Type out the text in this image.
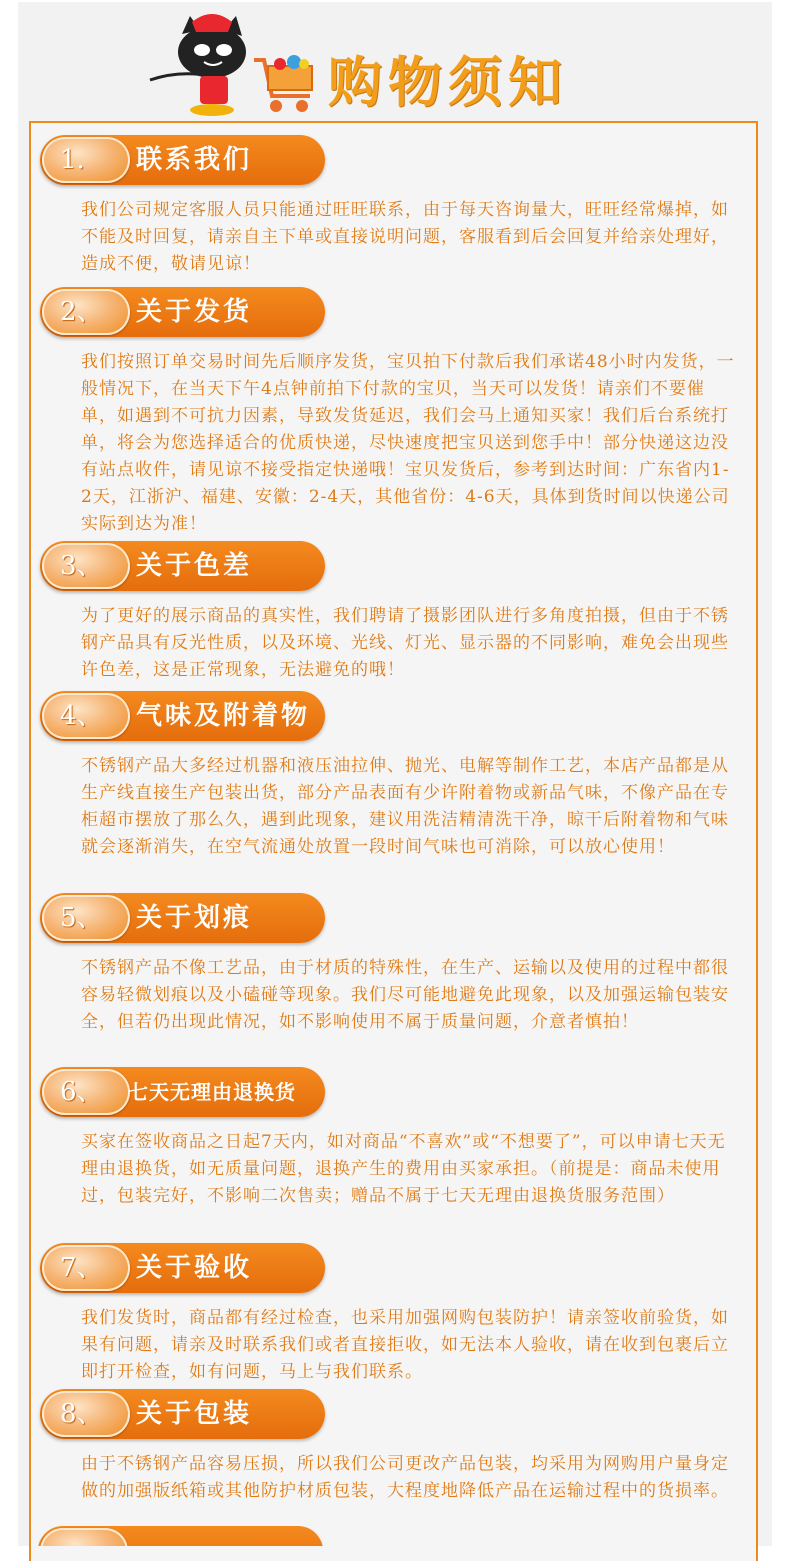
购物须知
1.	联系我们
我们公司规定客服人员只能通过旺旺联系，由于每天咨询量大，旺旺经常爆掉，如不能及时回复，请亲自主下单或直接说明问题，客服看到后会回复并给亲处理好，造成不便，敬请见谅！
2、	关于发货
我们按照订单交易时间先后顺序发货，宝贝拍下付款后我们承诺48小时内发货，一般情况下，在当天下午4点钟前拍下付款的宝贝，当天可以发货！请亲们不要催单，如遇到不可抗力因素，导致发货延迟，我们会马上通知买家！我们后台系统打单，将会为您选择适合的优质快递，尽快速度把宝贝送到您手中！部分快递这边没有站点收件，请见谅不接受指定快递哦！宝贝发货后，参考到达时间：广东省内1-2天，江浙沪、福建、安徽：2-4天，其他省份：4-6天，具体到货时间以快递公司实际到达为准！
3、	关于色差
为了更好的展示商品的真实性，我们聘请了摄影团队进行多角度拍摄，但由于不锈钢产品具有反光性质，以及环境、光线、灯光、显示器的不同影响，难免会出现些许色差，这是正常现象，无法避免的哦！
4、	气味及附着物
不锈钢产品大多经过机器和液压油拉伸、抛光、电解等制作工艺，本店产品都是从生产线直接生产包装出货，部分产品表面有少许附着物或新品气味，不像产品在专柜超市摆放了那么久，遇到此现象，建议用洗洁精清洗干净，晾干后附着物和气味就会逐渐消失，在空气流通处放置一段时间气味也可消除，可以放心使用！
5、	关于划痕
不锈钢产品不像工艺品，由于材质的特殊性，在生产、运输以及使用的过程中都很容易轻微划痕以及小磕碰等现象。我们尽可能地避免此现象，以及加强运输包装安全，但若仍出现此情况，如不影响使用不属于质量问题，介意者慎拍！
6、	七天无理由退换货
买家在签收商品之日起7天内，如对商品“不喜欢”或“不想要了”，可以申请七天无理由退换货，如无质量问题，退换产生的费用由买家承担。（前提是：商品未使用过，包装完好，不影响二次售卖；赠品不属于七天无理由退换货服务范围）
7、	关于验收
我们发货时，商品都有经过检查，也采用加强网购包装防护！请亲签收前验货，如果有问题，请亲及时联系我们或者直接拒收，如无法本人验收，请在收到包裹后立即打开检查，如有问题，马上与我们联系。
8、	关于包装
由于不锈钢产品容易压损，所以我们公司更改产品包装，均采用为网购用户量身定做的加强版纸箱或其他防护材质包装，大程度地降低产品在运输过程中的货损率。
